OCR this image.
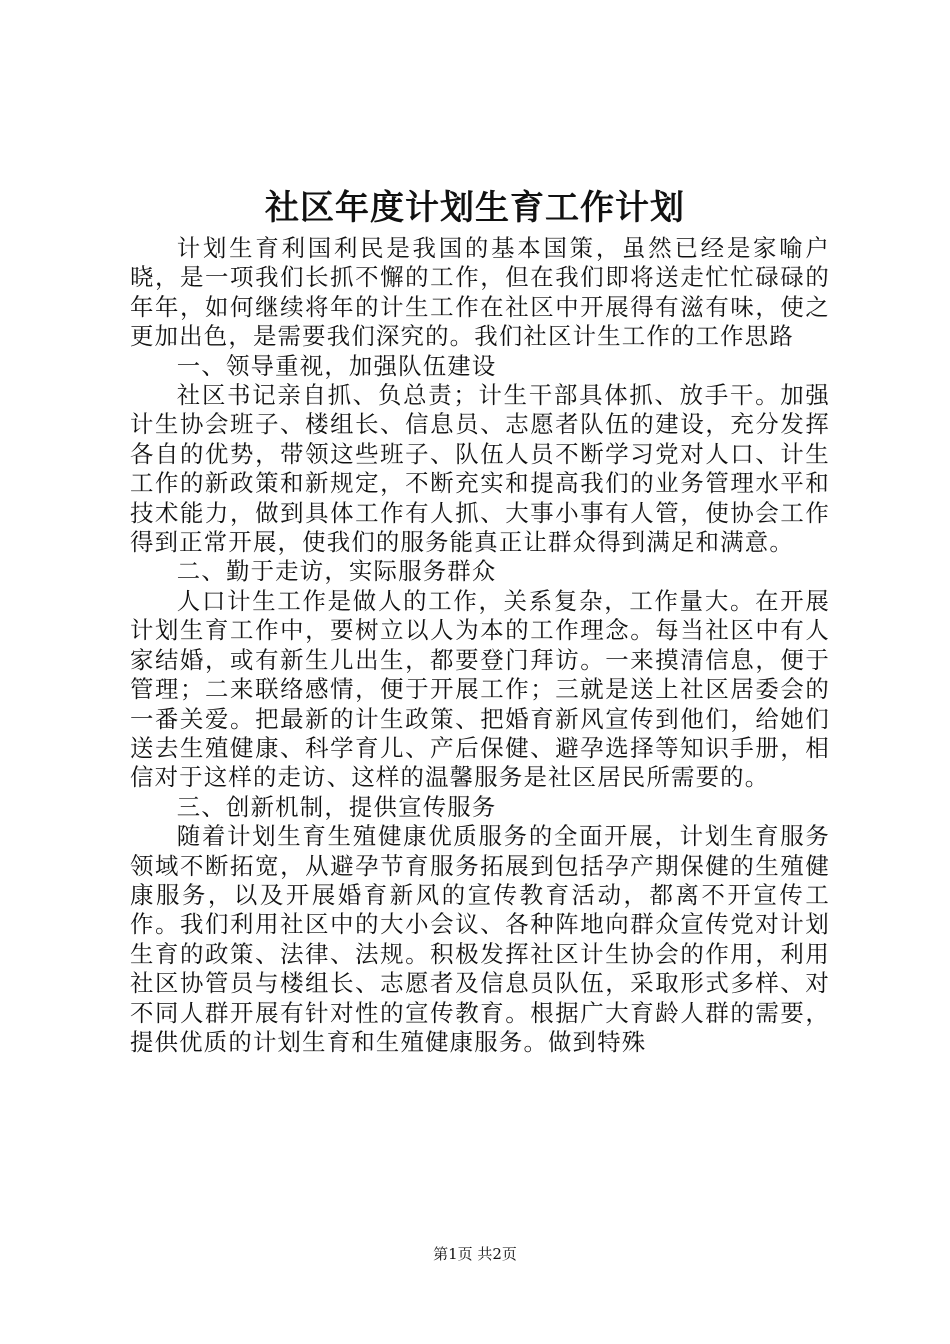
社区年度计划生育工作计划

计划生育利国利民是我国的基本国策，虽然已经是家喻户晓，是一项我们长抓不懈的工作，但在我们即将送走忙忙碌碌的年年，如何继续将年的计生工作在社区中开展得有滋有味，使之更加出色，是需要我们深究的。我们社区计生工作的工作思路

一、领导重视，加强队伍建设

社区书记亲自抓、负总责；计生干部具体抓、放手干。加强计生协会班子、楼组长、信息员、志愿者队伍的建设，充分发挥各自的优势，带领这些班子、队伍人员不断学习党对人口、计生工作的新政策和新规定，不断充实和提高我们的业务管理水平和技术能力，做到具体工作有人抓、大事小事有人管，使协会工作得到正常开展，使我们的服务能真正让群众得到满足和满意。

二、勤于走访，实际服务群众

人口计生工作是做人的工作，关系复杂，工作量大。在开展计划生育工作中，要树立以人为本的工作理念。每当社区中有人家结婚，或有新生儿出生，都要登门拜访。一来摸清信息，便于管理；二来联络感情，便于开展工作；三就是送上社区居委会的一番关爱。把最新的计生政策、把婚育新风宣传到他们，给她们送去生殖健康、科学育儿、产后保健、避孕选择等知识手册，相信对于这样的走访、这样的温馨服务是社区居民所需要的。

三、创新机制，提供宣传服务

随着计划生育生殖健康优质服务的全面开展，计划生育服务领域不断拓宽，从避孕节育服务拓展到包括孕产期保健的生殖健康服务，以及开展婚育新风的宣传教育活动，都离不开宣传工作。我们利用社区中的大小会议、各种阵地向群众宣传党对计划生育的政策、法律、法规。积极发挥社区计生协会的作用，利用社区协管员与楼组长、志愿者及信息员队伍，采取形式多样、对不同人群开展有针对性的宣传教育。根据广大育龄人群的需要，提供优质的计划生育和生殖健康服务。做到特殊

第1页 共2页
